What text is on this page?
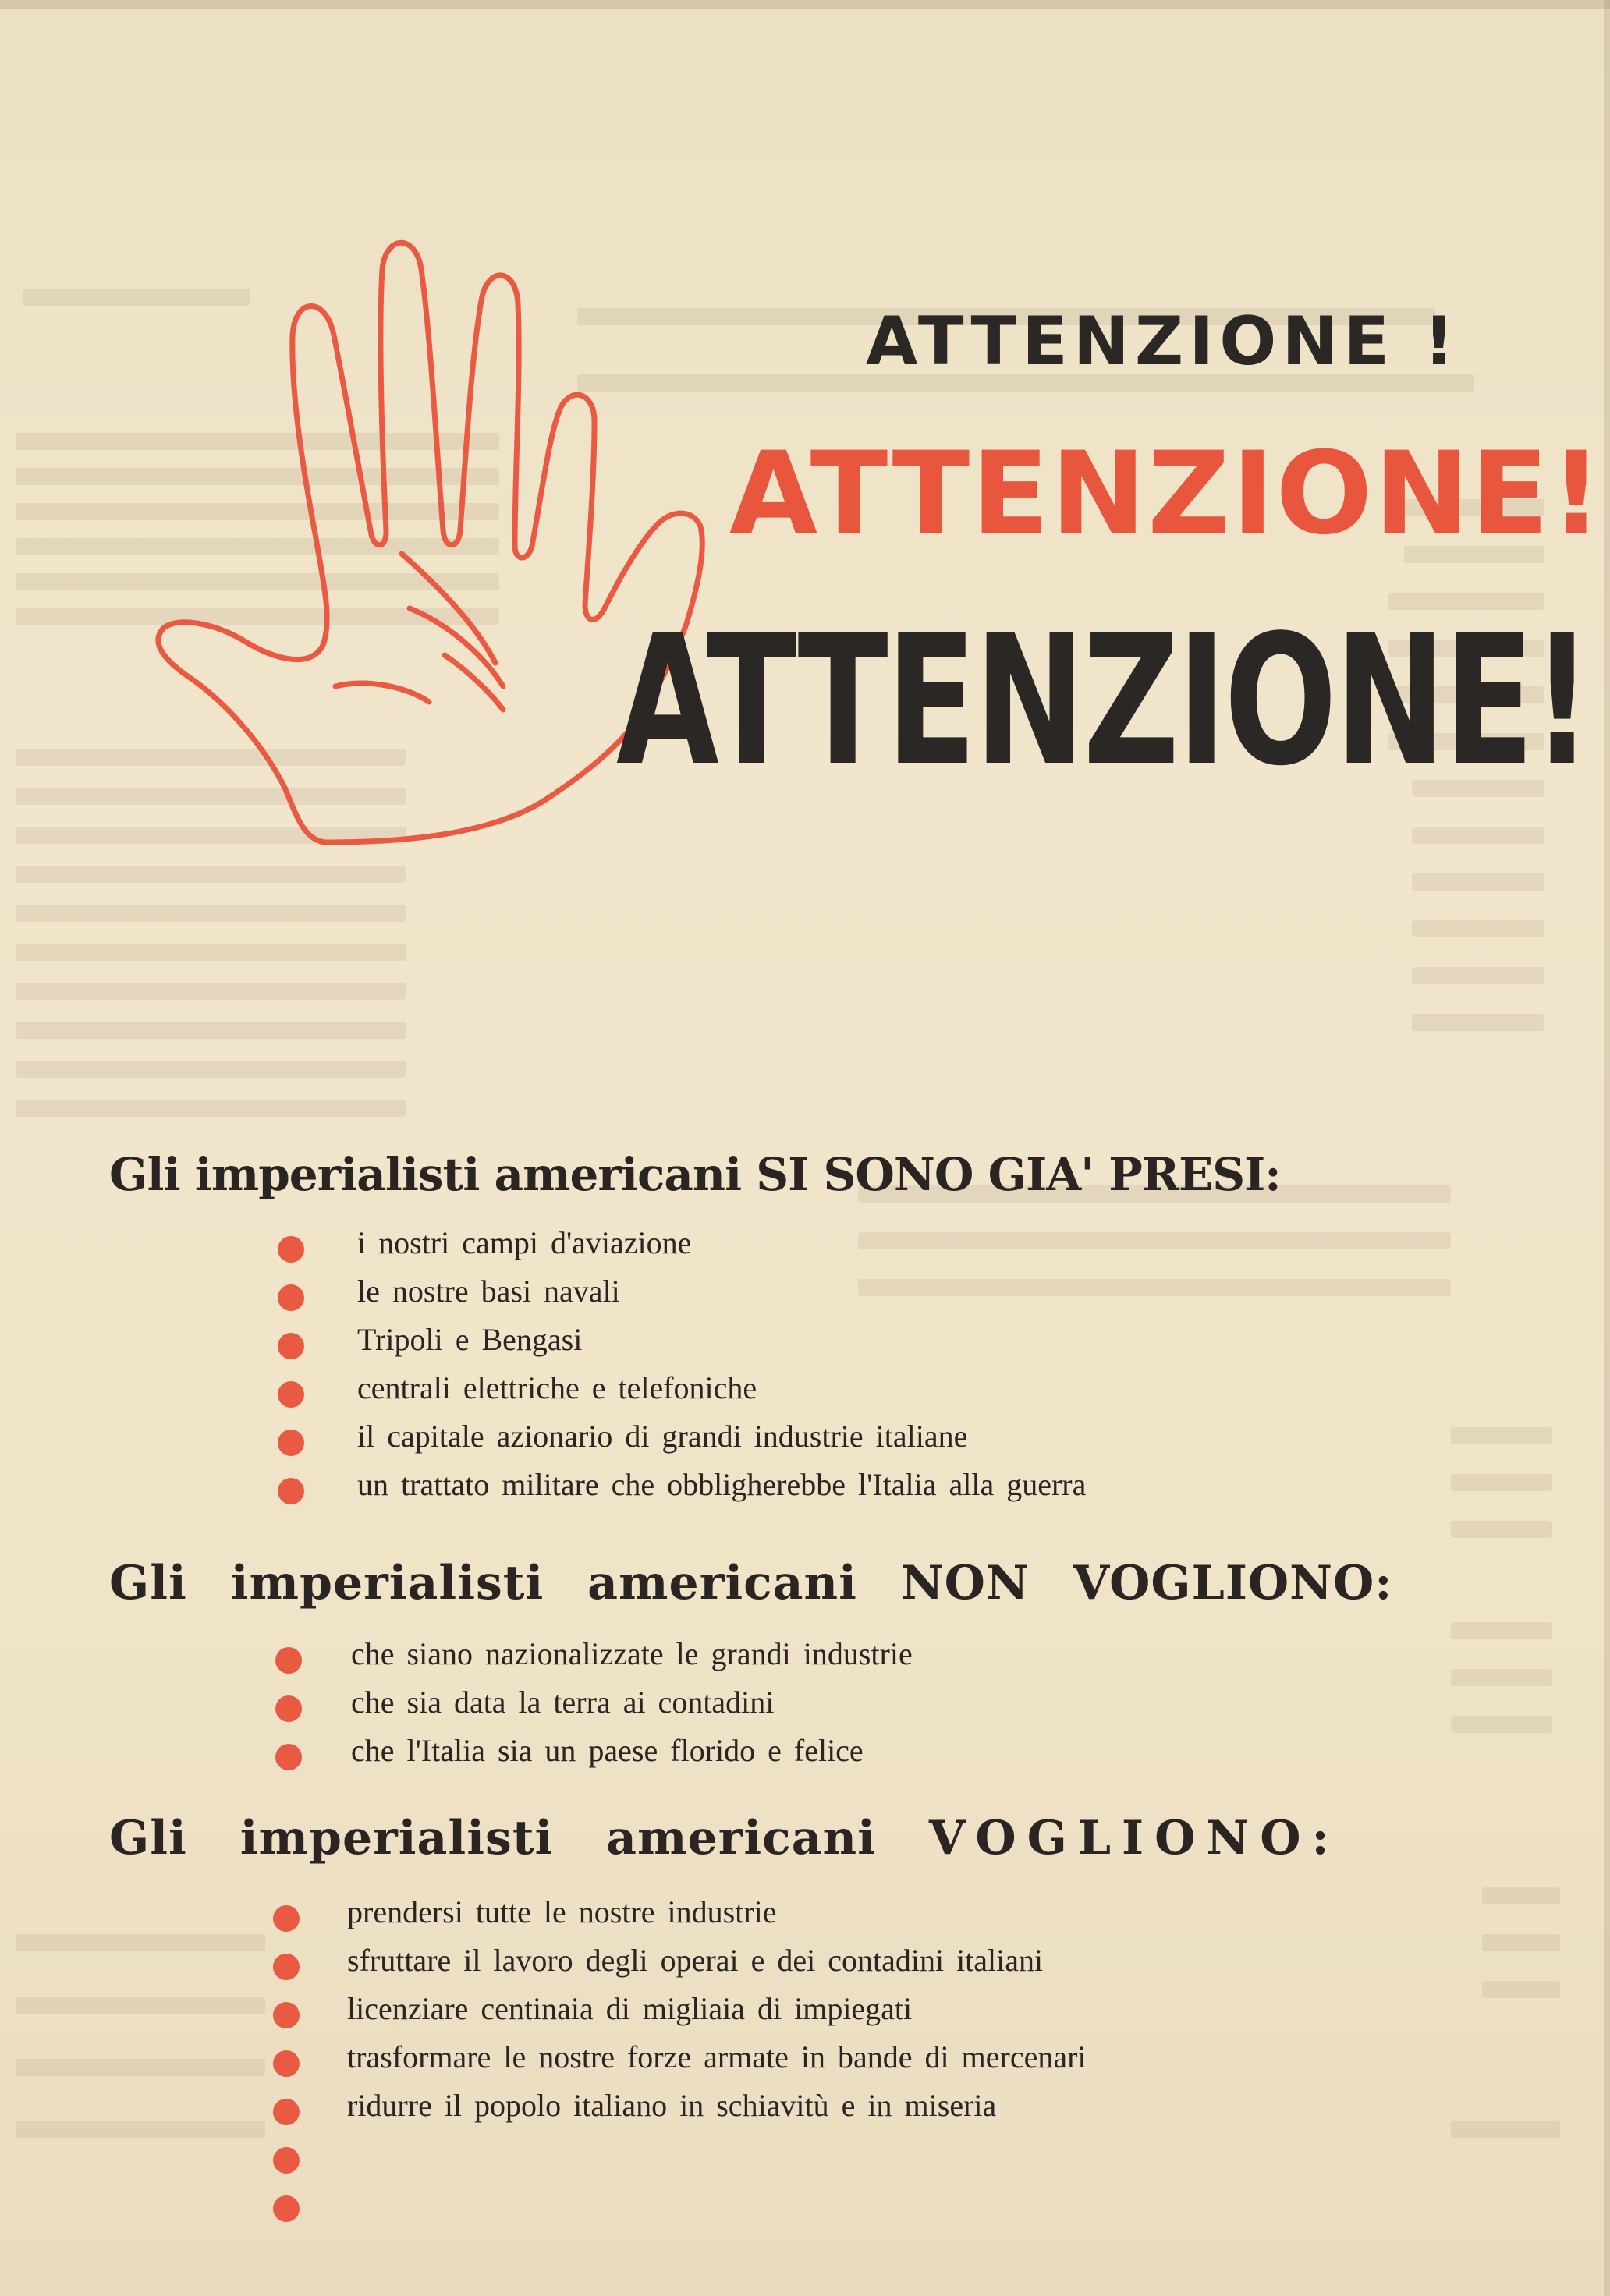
ATTENZIONE !
ATTENZIONE!
ATTENZIONE!
Gli imperialisti americani SI SONO GIA' PRESI:
i nostri campi d'aviazione
le nostre basi navali
Tripoli e Bengasi
centrali elettriche e telefoniche
il capitale azionario di grandi industrie italiane
un trattato militare che obbligherebbe l'Italia alla guerra
Gli imperialisti americani NON VOGLIONO:
che siano nazionalizzate le grandi industrie
che sia data la terra ai contadini
che l'Italia sia un paese florido e felice
Gli imperialisti americani VOGLIONO:
prendersi tutte le nostre industrie
sfruttare il lavoro degli operai e dei contadini italiani
licenziare centinaia di migliaia di impiegati
trasformare le nostre forze armate in bande di mercenari
ridurre il popolo italiano in schiavitù e in miseria
